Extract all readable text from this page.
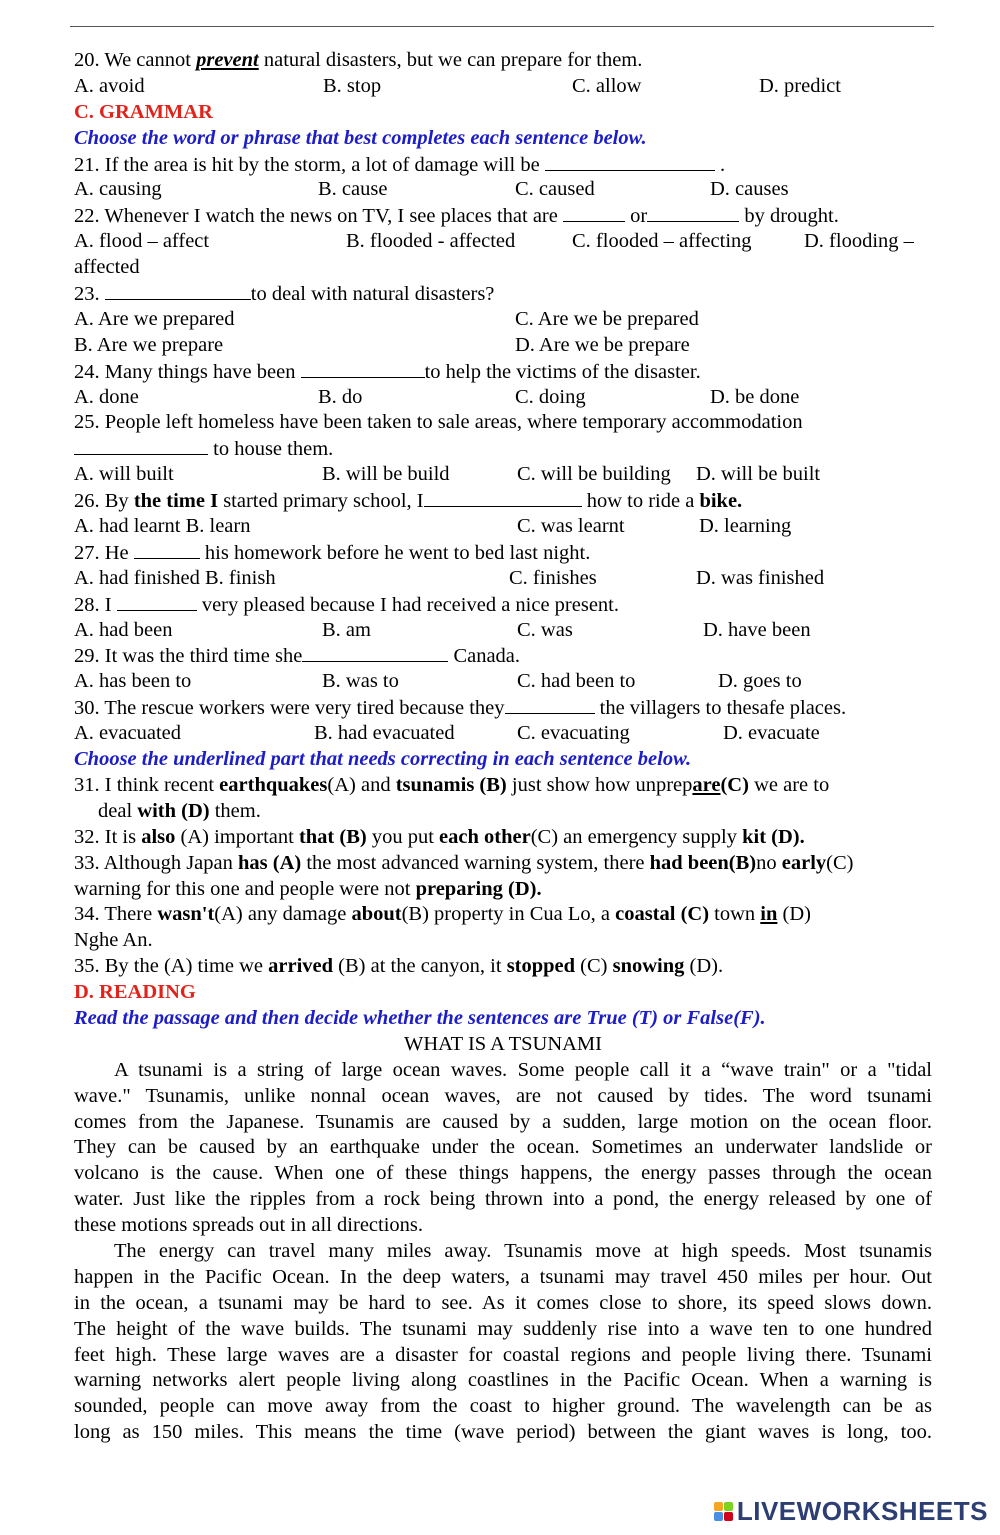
20. We cannot prevent natural disasters, but we can prepare for them.
A. avoid	B. stop	C. allow	D. predict
C. GRAMMAR
Choose the word or phrase that best completes each sentence below.
21. If the area is hit by the storm, a lot of damage will be	.
A. causing	B. cause	C. caused	D. causes
22. Whenever I watch the news on TV, I see places that are	or	by drought.
A. flood – affect	B. flooded - affected	C. flooded – affecting	D. flooding –
affected
23.	to deal with natural disasters?
A. Are we prepared	C. Are we be prepared
B. Are we prepare	D. Are we be prepare
24. Many things have been	to help the victims of the disaster.
A. done	B. do	C. doing	D. be done
25. People left homeless have been taken to sale areas, where temporary accommodation
to house them.
A. will built	B. will be build	C. will be building D. will be built
26. By the time I started primary school, I	how to ride a bike.
A. had learnt B. learn	C. was learnt	D. learning
27. He	his homework before he went to bed last night.
A. had finished B. finish	C. finishes	D. was finished
28. I	very pleased because I had received a nice present.
A. had been	B. am	C. was	D. have been
29. It was the third time she	Canada.
A. has been to	B. was to	C. had been to	D. goes to
30. The rescue workers were very tired because they	the villagers to thesafe places.
A. evacuated	B. had evacuated	C. evacuating	D. evacuate
Choose the underlined part that needs correcting in each sentence below.
31. I think recent earthquakes(A) and tsunamis (B) just show how unprepare(C) we are to
deal with (D) them.
32. It is also (A) important that (B) you put each other(C) an emergency supply kit (D).
33. Although Japan has (A) the most advanced warning system, there had been(B)no early(C)
warning for this one and people were not preparing (D).
34. There wasn't(A) any damage about(B) property in Cua Lo, a coastal (C) town in (D)
Nghe An.
35. By the (A) time we arrived (B) at the canyon, it stopped (C) snowing (D).
D. READING
Read the passage and then decide whether the sentences are True (T) or False(F).
WHAT IS A TSUNAMI
A tsunami is a string of large ocean waves. Some people call it a “wave train" or a "tidal
wave." Tsunamis, unlike nonnal ocean waves, are not caused by tides. The word tsunami
comes from the Japanese. Tsunamis are caused by a sudden, large motion on the ocean floor.
They can be caused by an earthquake under the ocean. Sometimes an underwater landslide or
volcano is the cause. When one of these things happens, the energy passes through the ocean
water. Just like the ripples from a rock being thrown into a pond, the energy released by one of
these motions spreads out in all directions.
The energy can travel many miles away. Tsunamis move at high speeds. Most tsunamis
happen in the Pacific Ocean. In the deep waters, a tsunami may travel 450 miles per hour. Out
in the ocean, a tsunami may be hard to see. As it comes close to shore, its speed slows down.
The height of the wave builds. The tsunami may suddenly rise into a wave ten to one hundred
feet high. These large waves are a disaster for coastal regions and people living there. Tsunami
warning networks alert people living along coastlines in the Pacific Ocean. When a warning is
sounded, people can move away from the coast to higher ground. The wavelength can be as
long as 150 miles. This means the time (wave period) between the giant waves is long, too.
LIVEWORKSHEETS
